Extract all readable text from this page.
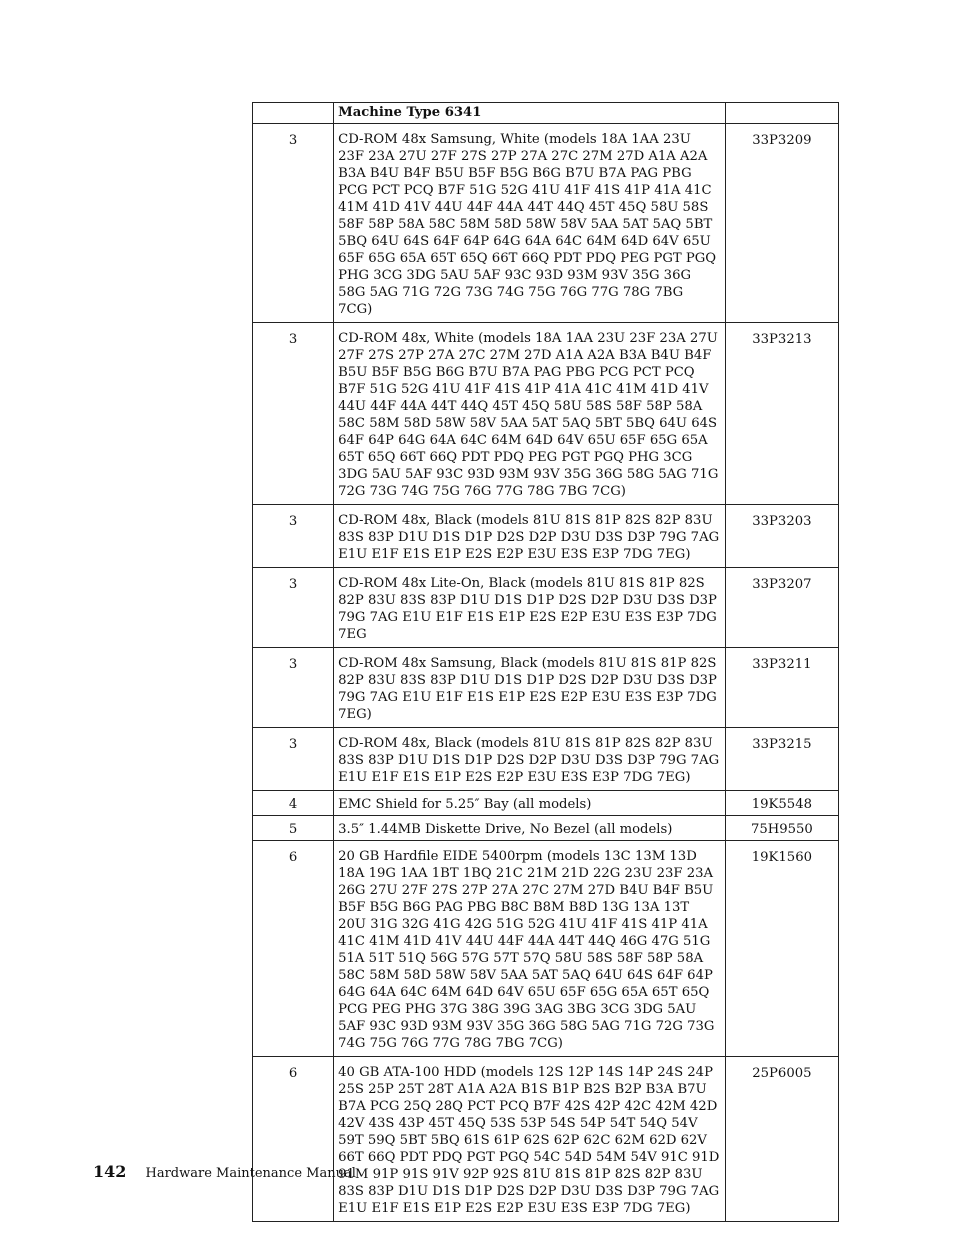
	Machine Type 6341	
3	CD-ROM 48x Samsung, White (models 18A 1AA 23U 23F 23A 27U 27F 27S 27P 27A 27C 27M 27D A1A A2A B3A B4U B4F B5U B5F B5G B6G B7U B7A PAG PBG PCG PCT PCQ B7F 51G 52G 41U 41F 41S 41P 41A 41C 41M 41D 41V 44U 44F 44A 44T 44Q 45T 45Q 58U 58S 58F 58P 58A 58C 58M 58D 58W 58V 5AA 5AT 5AQ 5BT 5BQ 64U 64S 64F 64P 64G 64A 64C 64M 64D 64V 65U 65F 65G 65A 65T 65Q 66T 66Q PDT PDQ PEG PGT PGQ PHG 3CG 3DG 5AU 5AF 93C 93D 93M 93V 35G 36G 58G 5AG 71G 72G 73G 74G 75G 76G 77G 78G 7BG 7CG)	33P3209
3	CD-ROM 48x, White (models 18A 1AA 23U 23F 23A 27U 27F 27S 27P 27A 27C 27M 27D A1A A2A B3A B4U B4F B5U B5F B5G B6G B7U B7A PAG PBG PCG PCT PCQ B7F 51G 52G 41U 41F 41S 41P 41A 41C 41M 41D 41V 44U 44F 44A 44T 44Q 45T 45Q 58U 58S 58F 58P 58A 58C 58M 58D 58W 58V 5AA 5AT 5AQ 5BT 5BQ 64U 64S 64F 64P 64G 64A 64C 64M 64D 64V 65U 65F 65G 65A 65T 65Q 66T 66Q PDT PDQ PEG PGT PGQ PHG 3CG 3DG 5AU 5AF 93C 93D 93M 93V 35G 36G 58G 5AG 71G 72G 73G 74G 75G 76G 77G 78G 7BG 7CG)	33P3213
3	CD-ROM 48x, Black (models 81U 81S 81P 82S 82P 83U 83S 83P D1U D1S D1P D2S D2P D3U D3S D3P 79G 7AG E1U E1F E1S E1P E2S E2P E3U E3S E3P 7DG 7EG)	33P3203
3	CD-ROM 48x Lite-On, Black (models 81U 81S 81P 82S 82P 83U 83S 83P D1U D1S D1P D2S D2P D3U D3S D3P 79G 7AG E1U E1F E1S E1P E2S E2P E3U E3S E3P 7DG 7EG	33P3207
3	CD-ROM 48x Samsung, Black (models 81U 81S 81P 82S 82P 83U 83S 83P D1U D1S D1P D2S D2P D3U D3S D3P 79G 7AG E1U E1F E1S E1P E2S E2P E3U E3S E3P 7DG 7EG)	33P3211
3	CD-ROM 48x, Black (models 81U 81S 81P 82S 82P 83U 83S 83P D1U D1S D1P D2S D2P D3U D3S D3P 79G 7AG E1U E1F E1S E1P E2S E2P E3U E3S E3P 7DG 7EG)	33P3215
4	EMC Shield for 5.25″ Bay (all models)	19K5548
5	3.5″ 1.44MB Diskette Drive, No Bezel (all models)	75H9550
6	20 GB Hardfile EIDE 5400rpm (models 13C 13M 13D 18A 19G 1AA 1BT 1BQ 21C 21M 21D 22G 23U 23F 23A 26G 27U 27F 27S 27P 27A 27C 27M 27D B4U B4F B5U B5F B5G B6G PAG PBG B8C B8M B8D 13G 13A 13T 20U 31G 32G 41G 42G 51G 52G 41U 41F 41S 41P 41A 41C 41M 41D 41V 44U 44F 44A 44T 44Q 46G 47G 51G 51A 51T 51Q 56G 57G 57T 57Q 58U 58S 58F 58P 58A 58C 58M 58D 58W 58V 5AA 5AT 5AQ 64U 64S 64F 64P 64G 64A 64C 64M 64D 64V 65U 65F 65G 65A 65T 65Q PCG PEG PHG 37G 38G 39G 3AG 3BG 3CG 3DG 5AU 5AF 93C 93D 93M 93V 35G 36G 58G 5AG 71G 72G 73G 74G 75G 76G 77G 78G 7BG 7CG)	19K1560
6	40 GB ATA-100 HDD (models 12S 12P 14S 14P 24S 24P 25S 25P 25T 28T A1A A2A B1S B1P B2S B2P B3A B7U B7A PCG 25Q 28Q PCT PCQ B7F 42S 42P 42C 42M 42D 42V 43S 43P 45T 45Q 53S 53P 54S 54P 54T 54Q 54V 59T 59Q 5BT 5BQ 61S 61P 62S 62P 62C 62M 62D 62V 66T 66Q PDT PDQ PGT PGQ 54C 54D 54M 54V 91C 91D 91M 91P 91S 91V 92P 92S 81U 81S 81P 82S 82P 83U 83S 83P D1U D1S D1P D2S D2P D3U D3S D3P 79G 7AG E1U E1F E1S E1P E2S E2P E3U E3S E3P 7DG 7EG)	25P6005
142 Hardware Maintenance Manual
